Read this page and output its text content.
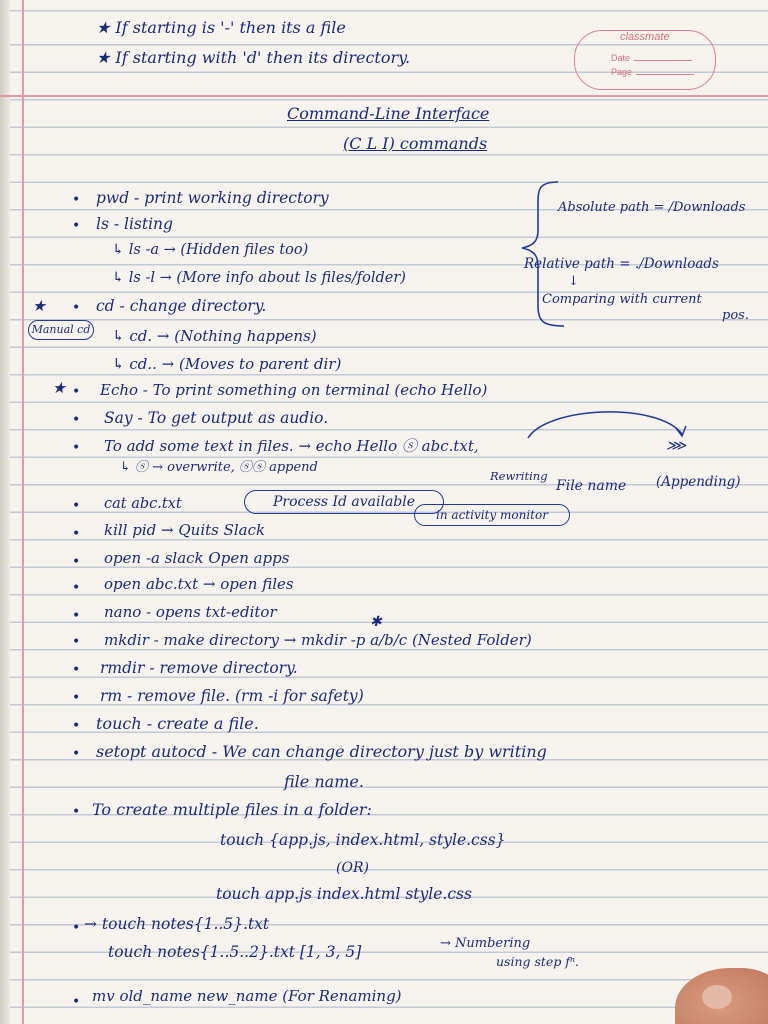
classmate
Date
Page
★ If starting is '-' then its a file
★ If starting with 'd' then its directory.
Command-Line Interface
(C L I) commands
Absolute path = /Downloads
Relative path = ./Downloads
↓
Comparing with current
pos.
• pwd - print working directory
• ls - listing
↳ ls -a → (Hidden files too)
↳ ls -l → (More info about ls files/folder)
★ • cd - change directory.
Manual cd ↳ cd. → (Nothing happens)
↳ cd.. → (Moves to parent dir)
★ • Echo - To print something on terminal (echo Hello)
• Say - To get output as audio.
• To add some text in files. → echo Hello ⓢ abc.txt,	⋙
↳ ⓢ → overwrite, ⓢⓢ append
Rewriting
File name (Appending)
• cat abc.txt	Process Id available
in activity monitor
• kill pid → Quits Slack
• open -a slack Open apps
• open abc.txt → open files
• nano - opens txt-editor
✱
• mkdir - make directory → mkdir -p a/b/c (Nested Folder)
• rmdir - remove directory.
• rm - remove file. (rm -i for safety)
• touch - create a file.
• setopt autocd - We can change directory just by writing
file name.
• To create multiple files in a folder:
touch {app.js, index.html, style.css}
(OR)
touch app.js index.html style.css
• → touch notes{1..5}.txt
touch notes{1..5..2}.txt [1, 3, 5]	→ Numbering
using step fⁿ.
• mv old_name new_name (For Renaming)
